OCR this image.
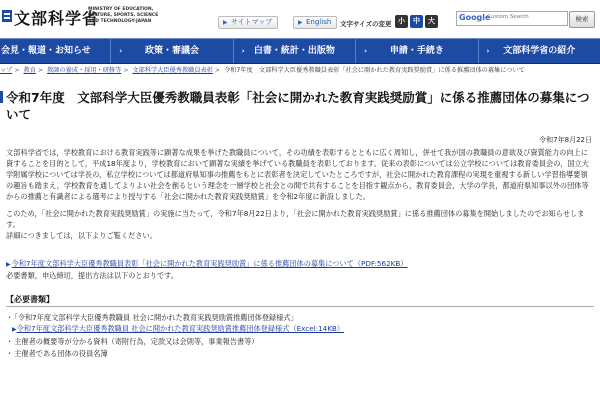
文部科学省
MINISTRY OF EDUCATION, CULTURE, SPORTS, SCIENCE AND TECHNOLOGY-JAPAN	▶ サイトマップ	▶ English	文字サイズの変更 小	中	大	Google
Custom Search	検索
会見・報道・お知らせ	›	政策・審議会	› 白書・統計・出版物	›	申請・手続き	› 文部科学省の紹介
ップ > 教育 > 教師の養成・採用・研修等 > 文部科学大臣優秀教職員表彰 > 令和7年度　文部科学大臣優秀教職員表彰「社会に開かれた教育実践奨励賞」に係る推薦団体の募集について
令和7年度　文部科学大臣優秀教職員表彰「社会に開かれた教育実践奨励賞」に係る推薦団体の募集につ いて
令和7年8月22日
文部科学省では，学校教育における教育実践等に顕著な成果を挙げた教職員について，その功績を表彰するとともに広く周知し，併せて我が国の教職員の意欲及び資質能力の向上に資することを目的として，平成18年度より，学校教育において顕著な実績を挙げている教職員を表彰しております。従来の表彰については公立学校については教育委員会の，国立大学附属学校については学長の，私立学校については都道府県知事の推薦をもとに表彰者を決定していたところですが，社会に開かれた教育課程の実現を重視する新しい学習指導要領の趣旨も踏まえ，学校教育を通してよりよい社会を創るという理念を一層学校と社会との間で共有することを目指す観点から，教育委員会，大学の学長，都道府県知事以外の団体等からの推薦と有識者による選考により授与する「社会に開かれた教育実践奨励賞」を令和2年度に新設しました。
このため，「社会に開かれた教育実践奨励賞」の実施に当たって，令和7年8月22日より，「社会に開かれた教育実践奨励賞」に係る推薦団体の募集を開始しましたのでお知らせします。
詳細につきましては，以下よりご覧ください。
▶令和7年度文部科学大臣優秀教職員表彰「社会に開かれた教育実践奨励賞」に係る推薦団体の募集について（PDF:562KB）
必要書類，申込締切，提出方法は以下のとおりです。
【必要書類】
・「令和7年度文部科学大臣優秀教職員 社会に開かれた教育実践奨励賞推薦団体登録様式」
▶令和7年度文部科学大臣優秀教職員 社会に開かれた教育実践奨励賞推薦団体登録様式（Excel:14KB）
・主催者の概要等が分かる資料（寄附行為，定款又は会則等，事業報告書等）
・主催者である団体の役員名簿
